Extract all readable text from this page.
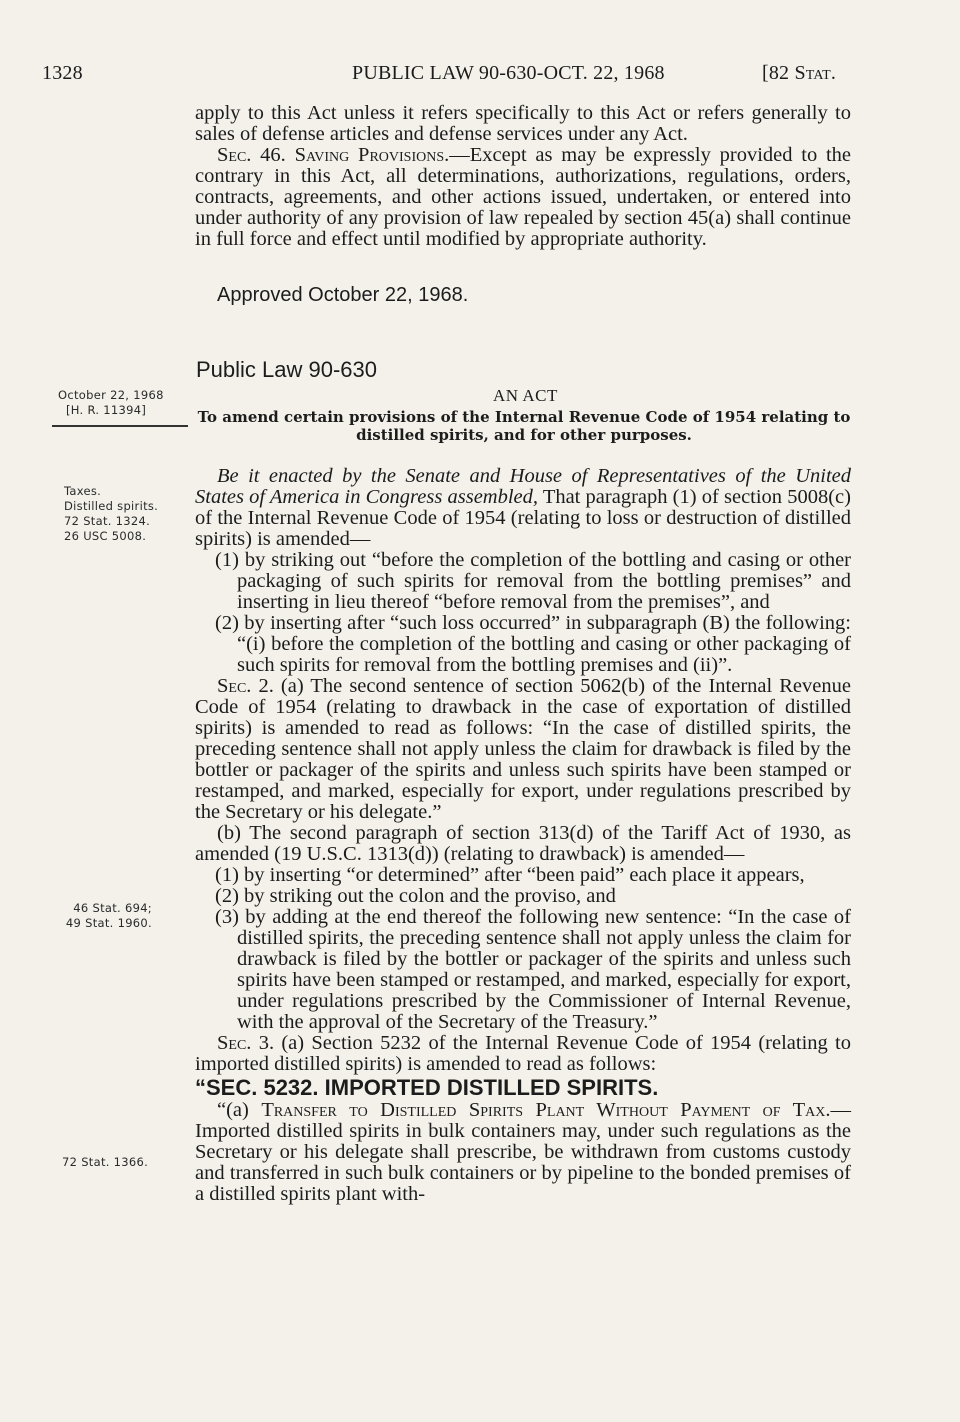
1328	PUBLIC LAW 90-630-OCT. 22, 1968	[82 Stat.

apply to this Act unless it refers specifically to this Act or refers generally to sales of defense articles and defense services under any Act.

Sec. 46. Saving Provisions.—Except as may be expressly provided to the contrary in this Act, all determinations, authorizations, regulations, orders, contracts, agreements, and other actions issued, undertaken, or entered into under authority of any provision of law repealed by section 45(a) shall continue in full force and effect until modified by appropriate authority.

Approved October 22, 1968.
Public Law 90-630
October 22, 1968
[H. R. 11394]
AN ACT
To amend certain provisions of the Internal Revenue Code of 1954 relating to distilled spirits, and for other purposes.
Taxes.
Distilled spirits.
72 Stat. 1324.
26 USC 5008.
46 Stat. 694;
49 Stat. 1960.
72 Stat. 1366.

Be it enacted by the Senate and House of Representatives of the United States of America in Congress assembled, That paragraph (1) of section 5008(c) of the Internal Revenue Code of 1954 (relating to loss or destruction of distilled spirits) is amended—

(1) by striking out “before the completion of the bottling and casing or other packaging of such spirits for removal from the bottling premises” and inserting in lieu thereof “before removal from the premises”, and

(2) by inserting after “such loss occurred” in subparagraph (B) the following: “(i) before the completion of the bottling and casing or other packaging of such spirits for removal from the bottling premises and (ii)”.

Sec. 2. (a) The second sentence of section 5062(b) of the Internal Revenue Code of 1954 (relating to drawback in the case of exportation of distilled spirits) is amended to read as follows: “In the case of distilled spirits, the preceding sentence shall not apply unless the claim for drawback is filed by the bottler or packager of the spirits and unless such spirits have been stamped or restamped, and marked, especially for export, under regulations prescribed by the Secretary or his delegate.”

(b) The second paragraph of section 313(d) of the Tariff Act of 1930, as amended (19 U.S.C. 1313(d)) (relating to drawback) is amended—

(1) by inserting “or determined” after “been paid” each place it appears,

(2) by striking out the colon and the proviso, and

(3) by adding at the end thereof the following new sentence: “In the case of distilled spirits, the preceding sentence shall not apply unless the claim for drawback is filed by the bottler or packager of the spirits and unless such spirits have been stamped or restamped, and marked, especially for export, under regulations prescribed by the Commissioner of Internal Revenue, with the approval of the Secretary of the Treasury.”

Sec. 3. (a) Section 5232 of the Internal Revenue Code of 1954 (relating to imported distilled spirits) is amended to read as follows:

“SEC. 5232. IMPORTED DISTILLED SPIRITS.

“(a) Transfer to Distilled Spirits Plant Without Payment of Tax.—Imported distilled spirits in bulk containers may, under such regulations as the Secretary or his delegate shall prescribe, be withdrawn from customs custody and transferred in such bulk containers or by pipeline to the bonded premises of a distilled spirits plant with-
